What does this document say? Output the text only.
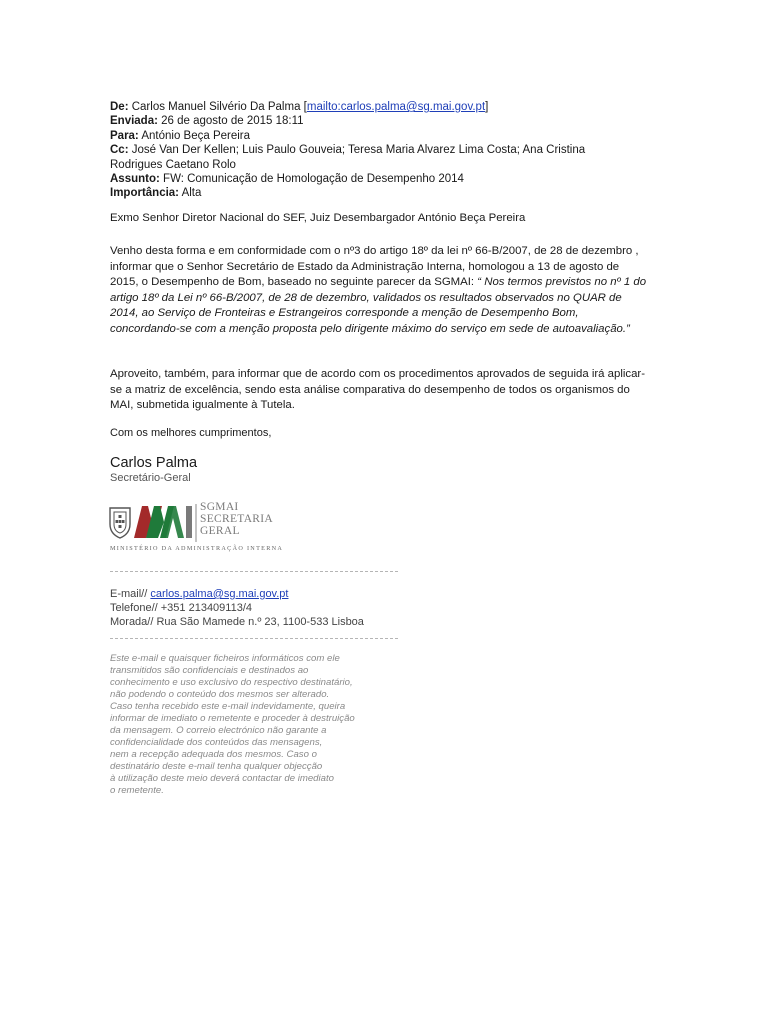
De: Carlos Manuel Silvério Da Palma [mailto:carlos.palma@sg.mai.gov.pt]

Enviada: 26 de agosto de 2015 18:11

Para: António Beça Pereira

Cc: José Van Der Kellen; Luis Paulo Gouveia; Teresa Maria Alvarez Lima Costa; Ana Cristina Rodrigues Caetano Rolo

Assunto: FW: Comunicação de Homologação de Desempenho 2014

Importância: Alta

Exmo Senhor Diretor Nacional do SEF, Juiz Desembargador António Beça Pereira
Venho desta forma e em conformidade com o nº3 do artigo 18º da lei nº 66-B/2007, de 28 de dezembro , informar que o Senhor Secretário de Estado da Administração Interna, homologou a 13 de agosto de 2015, o Desempenho de Bom, baseado no seguinte parecer da SGMAI: “ Nos termos previstos no nº 1 do artigo 18º da Lei nº 66-B/2007, de 28 de dezembro, validados os resultados observados no QUAR de 2014, ao Serviço de Fronteiras e Estrangeiros corresponde a menção de Desempenho Bom, concordando-se com a menção proposta pelo dirigente máximo do serviço em sede de autoavaliação.”
Aproveito, também, para informar que de acordo com os procedimentos aprovados de seguida irá aplicar-se a matriz de excelência, sendo esta análise comparativa do desempenho de todos os organismos do MAI, submetida igualmente à Tutela.
Com os melhores cumprimentos,
Carlos Palma
Secretário-Geral
SGMAI
SECRETARIA
GERAL
MINISTÉRIO DA ADMINISTRAÇÃO INTERNA
E-mail// carlos.palma@sg.mai.gov.pt
Telefone// +351 213409113/4
Morada// Rua São Mamede n.º 23, 1100-533 Lisboa
Este e-mail e quaisquer ficheiros informáticos com ele
transmitidos são confidenciais e destinados ao
conhecimento e uso exclusivo do respectivo destinatário,
não podendo o conteúdo dos mesmos ser alterado.
Caso tenha recebido este e-mail indevidamente, queira
informar de imediato o remetente e proceder à destruição
da mensagem. O correio electrónico não garante a
confidencialidade dos conteúdos das mensagens,
nem a recepção adequada dos mesmos. Caso o
destinatário deste e-mail tenha qualquer objecção
à utilização deste meio deverá contactar de imediato
o remetente.
